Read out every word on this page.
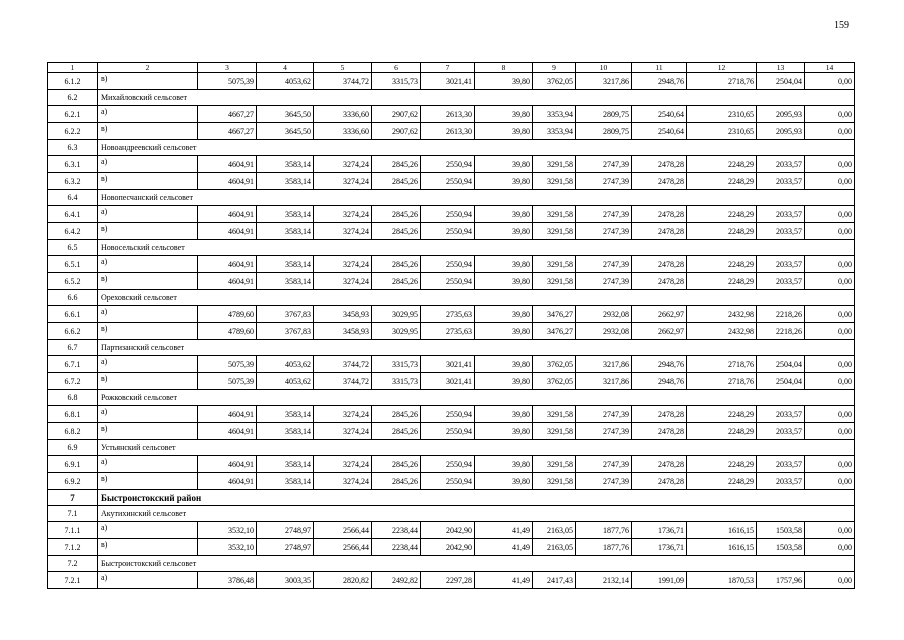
159
1	2	3	4	5	6	7	8	9	10	11	12	13	14
6.1.2	в)	5075,39	4053,62	3744,72	3315,73	3021,41	39,80	3762,05	3217,86	2948,76	2718,76	2504,04	0,00
6.2	Михайловский сельсовет												
6.2.1	а)	4667,27	3645,50	3336,60	2907,62	2613,30	39,80	3353,94	2809,75	2540,64	2310,65	2095,93	0,00
6.2.2	в)	4667,27	3645,50	3336,60	2907,62	2613,30	39,80	3353,94	2809,75	2540,64	2310,65	2095,93	0,00
6.3	Новоандреевский сельсовет												
6.3.1	а)	4604,91	3583,14	3274,24	2845,26	2550,94	39,80	3291,58	2747,39	2478,28	2248,29	2033,57	0,00
6.3.2	в)	4604,91	3583,14	3274,24	2845,26	2550,94	39,80	3291,58	2747,39	2478,28	2248,29	2033,57	0,00
6.4	Новопесчанский сельсовет												
6.4.1	а)	4604,91	3583,14	3274,24	2845,26	2550,94	39,80	3291,58	2747,39	2478,28	2248,29	2033,57	0,00
6.4.2	в)	4604,91	3583,14	3274,24	2845,26	2550,94	39,80	3291,58	2747,39	2478,28	2248,29	2033,57	0,00
6.5	Новосельский сельсовет												
6.5.1	а)	4604,91	3583,14	3274,24	2845,26	2550,94	39,80	3291,58	2747,39	2478,28	2248,29	2033,57	0,00
6.5.2	в)	4604,91	3583,14	3274,24	2845,26	2550,94	39,80	3291,58	2747,39	2478,28	2248,29	2033,57	0,00
6.6	Ореховский сельсовет												
6.6.1	а)	4789,60	3767,83	3458,93	3029,95	2735,63	39,80	3476,27	2932,08	2662,97	2432,98	2218,26	0,00
6.6.2	в)	4789,60	3767,83	3458,93	3029,95	2735,63	39,80	3476,27	2932,08	2662,97	2432,98	2218,26	0,00
6.7	Партизанский сельсовет												
6.7.1	а)	5075,39	4053,62	3744,72	3315,73	3021,41	39,80	3762,05	3217,86	2948,76	2718,76	2504,04	0,00
6.7.2	в)	5075,39	4053,62	3744,72	3315,73	3021,41	39,80	3762,05	3217,86	2948,76	2718,76	2504,04	0,00
6.8	Рожковский сельсовет												
6.8.1	а)	4604,91	3583,14	3274,24	2845,26	2550,94	39,80	3291,58	2747,39	2478,28	2248,29	2033,57	0,00
6.8.2	в)	4604,91	3583,14	3274,24	2845,26	2550,94	39,80	3291,58	2747,39	2478,28	2248,29	2033,57	0,00
6.9	Устьянский сельсовет												
6.9.1	а)	4604,91	3583,14	3274,24	2845,26	2550,94	39,80	3291,58	2747,39	2478,28	2248,29	2033,57	0,00
6.9.2	в)	4604,91	3583,14	3274,24	2845,26	2550,94	39,80	3291,58	2747,39	2478,28	2248,29	2033,57	0,00
7	Быстроистокский район												
7.1	Акутихинский сельсовет												
7.1.1	а)	3532,10	2748,97	2566,44	2238,44	2042,90	41,49	2163,05	1877,76	1736,71	1616,15	1503,58	0,00
7.1.2	в)	3532,10	2748,97	2566,44	2238,44	2042,90	41,49	2163,05	1877,76	1736,71	1616,15	1503,58	0,00
7.2	Быстроистокский сельсовет												
7.2.1	а)	3786,48	3003,35	2820,82	2492,82	2297,28	41,49	2417,43	2132,14	1991,09	1870,53	1757,96	0,00
